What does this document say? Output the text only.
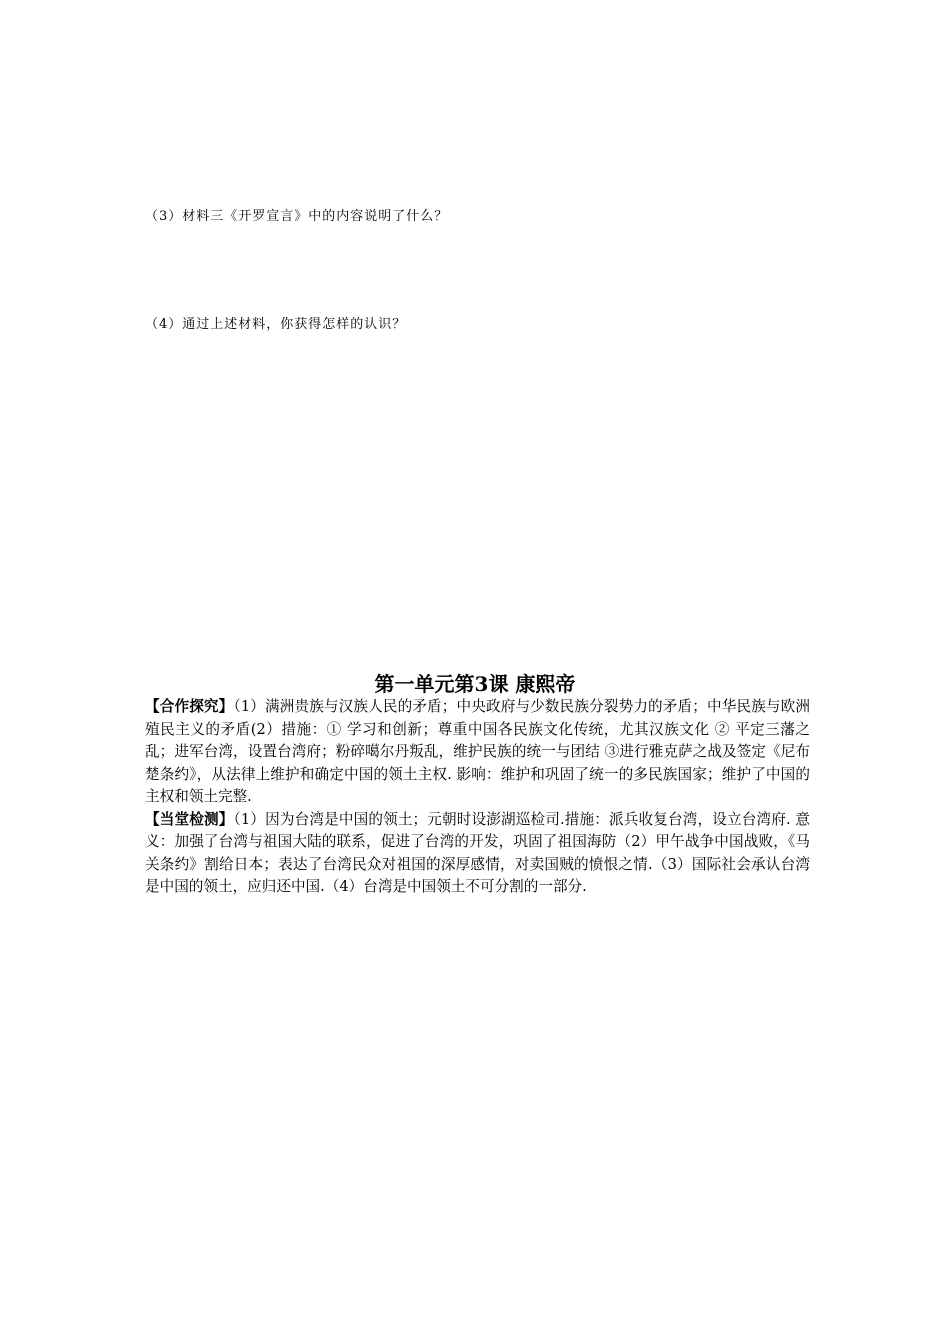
（3）材料三《开罗宣言》中的内容说明了什么？
（4）通过上述材料，你获得怎样的认识？
第一单元第3课 康熙帝

【合作探究】（1）满洲贵族与汉族人民的矛盾；中央政府与少数民族分裂势力的矛盾；中华民族与欧洲殖民主义的矛盾(2）措施：① 学习和创新；尊重中国各民族文化传统，尤其汉族文化 ② 平定三藩之乱；进军台湾，设置台湾府；粉碎噶尔丹叛乱，维护民族的统一与团结 ③进行雅克萨之战及签定《尼布楚条约》，从法律上维护和确定中国的领土主权. 影响：维护和巩固了统一的多民族国家；维护了中国的主权和领土完整.

【当堂检测】（1）因为台湾是中国的领土；元朝时设澎湖巡检司.措施：派兵收复台湾，设立台湾府. 意义：加强了台湾与祖国大陆的联系，促进了台湾的开发，巩固了祖国海防（2）甲午战争中国战败，《马关条约》割给日本；表达了台湾民众对祖国的深厚感情，对卖国贼的愤恨之情.（3）国际社会承认台湾是中国的领土，应归还中国.（4）台湾是中国领土不可分割的一部分.
